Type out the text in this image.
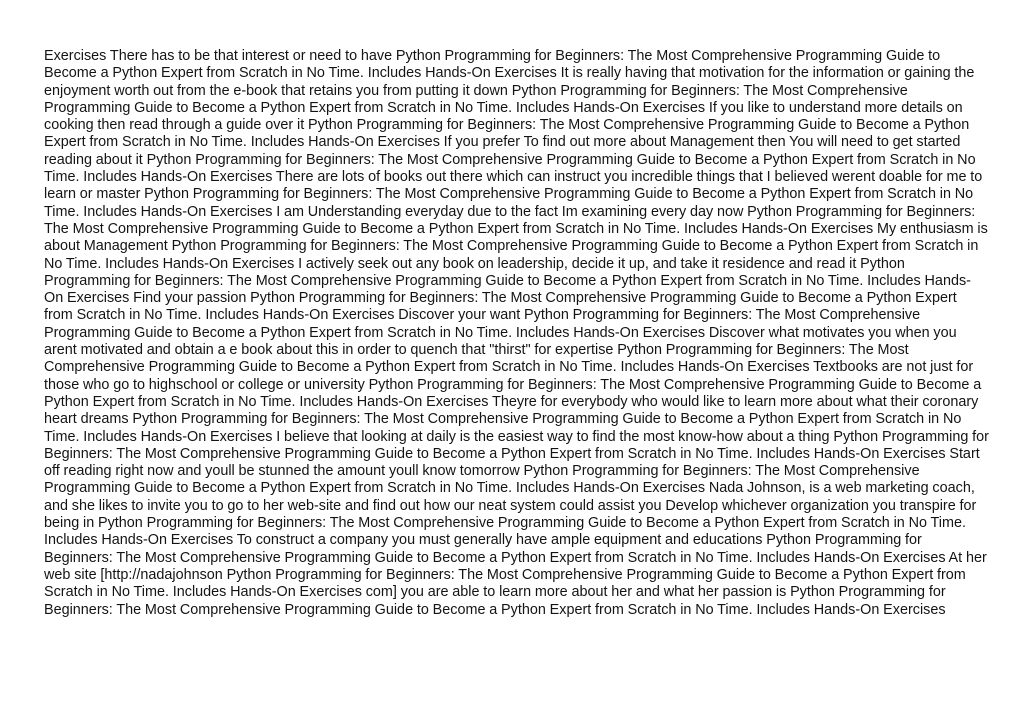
Exercises There has to be that interest or need to have Python Programming for Beginners: The Most Comprehensive Programming Guide to Become a Python Expert from Scratch in No Time. Includes Hands-On Exercises It is really having that motivation for the information or gaining the enjoyment worth out from the e-book that retains you from putting it down Python Programming for Beginners: The Most Comprehensive Programming Guide to Become a Python Expert from Scratch in No Time. Includes Hands-On Exercises If you like to understand more details on cooking then read through a guide over it Python Programming for Beginners: The Most Comprehensive Programming Guide to Become a Python Expert from Scratch in No Time. Includes Hands-On Exercises If you prefer To find out more about Management then You will need to get started reading about it Python Programming for Beginners: The Most Comprehensive Programming Guide to Become a Python Expert from Scratch in No Time. Includes Hands-On Exercises There are lots of books out there which can instruct you incredible things that I believed werent doable for me to learn or master Python Programming for Beginners: The Most Comprehensive Programming Guide to Become a Python Expert from Scratch in No Time. Includes Hands-On Exercises I am Understanding everyday due to the fact Im examining every day now Python Programming for Beginners: The Most Comprehensive Programming Guide to Become a Python Expert from Scratch in No Time. Includes Hands-On Exercises My enthusiasm is about Management Python Programming for Beginners: The Most Comprehensive Programming Guide to Become a Python Expert from Scratch in No Time. Includes Hands-On Exercises I actively seek out any book on leadership, decide it up, and take it residence and read it Python Programming for Beginners: The Most Comprehensive Programming Guide to Become a Python Expert from Scratch in No Time. Includes Hands-On Exercises Find your passion Python Programming for Beginners: The Most Comprehensive Programming Guide to Become a Python Expert from Scratch in No Time. Includes Hands-On Exercises Discover your want Python Programming for Beginners: The Most Comprehensive Programming Guide to Become a Python Expert from Scratch in No Time. Includes Hands-On Exercises Discover what motivates you when you arent motivated and obtain a e book about this in order to quench that "thirst" for expertise Python Programming for Beginners: The Most Comprehensive Programming Guide to Become a Python Expert from Scratch in No Time. Includes Hands-On Exercises Textbooks are not just for those who go to highschool or college or university Python Programming for Beginners: The Most Comprehensive Programming Guide to Become a Python Expert from Scratch in No Time. Includes Hands-On Exercises Theyre for everybody who would like to learn more about what their coronary heart dreams Python Programming for Beginners: The Most Comprehensive Programming Guide to Become a Python Expert from Scratch in No Time. Includes Hands-On Exercises I believe that looking at daily is the easiest way to find the most know-how about a thing Python Programming for Beginners: The Most Comprehensive Programming Guide to Become a Python Expert from Scratch in No Time. Includes Hands-On Exercises Start off reading right now and youll be stunned the amount youll know tomorrow Python Programming for Beginners: The Most Comprehensive Programming Guide to Become a Python Expert from Scratch in No Time. Includes Hands-On Exercises Nada Johnson, is a web marketing coach, and she likes to invite you to go to her web-site and find out how our neat system could assist you Develop whichever organization you transpire for being in Python Programming for Beginners: The Most Comprehensive Programming Guide to Become a Python Expert from Scratch in No Time. Includes Hands-On Exercises To construct a company you must generally have ample equipment and educations Python Programming for Beginners: The Most Comprehensive Programming Guide to Become a Python Expert from Scratch in No Time. Includes Hands-On Exercises At her web site [http://nadajohnson Python Programming for Beginners: The Most Comprehensive Programming Guide to Become a Python Expert from Scratch in No Time. Includes Hands-On Exercises com] you are able to learn more about her and what her passion is Python Programming for Beginners: The Most Comprehensive Programming Guide to Become a Python Expert from Scratch in No Time. Includes Hands-On Exercises
